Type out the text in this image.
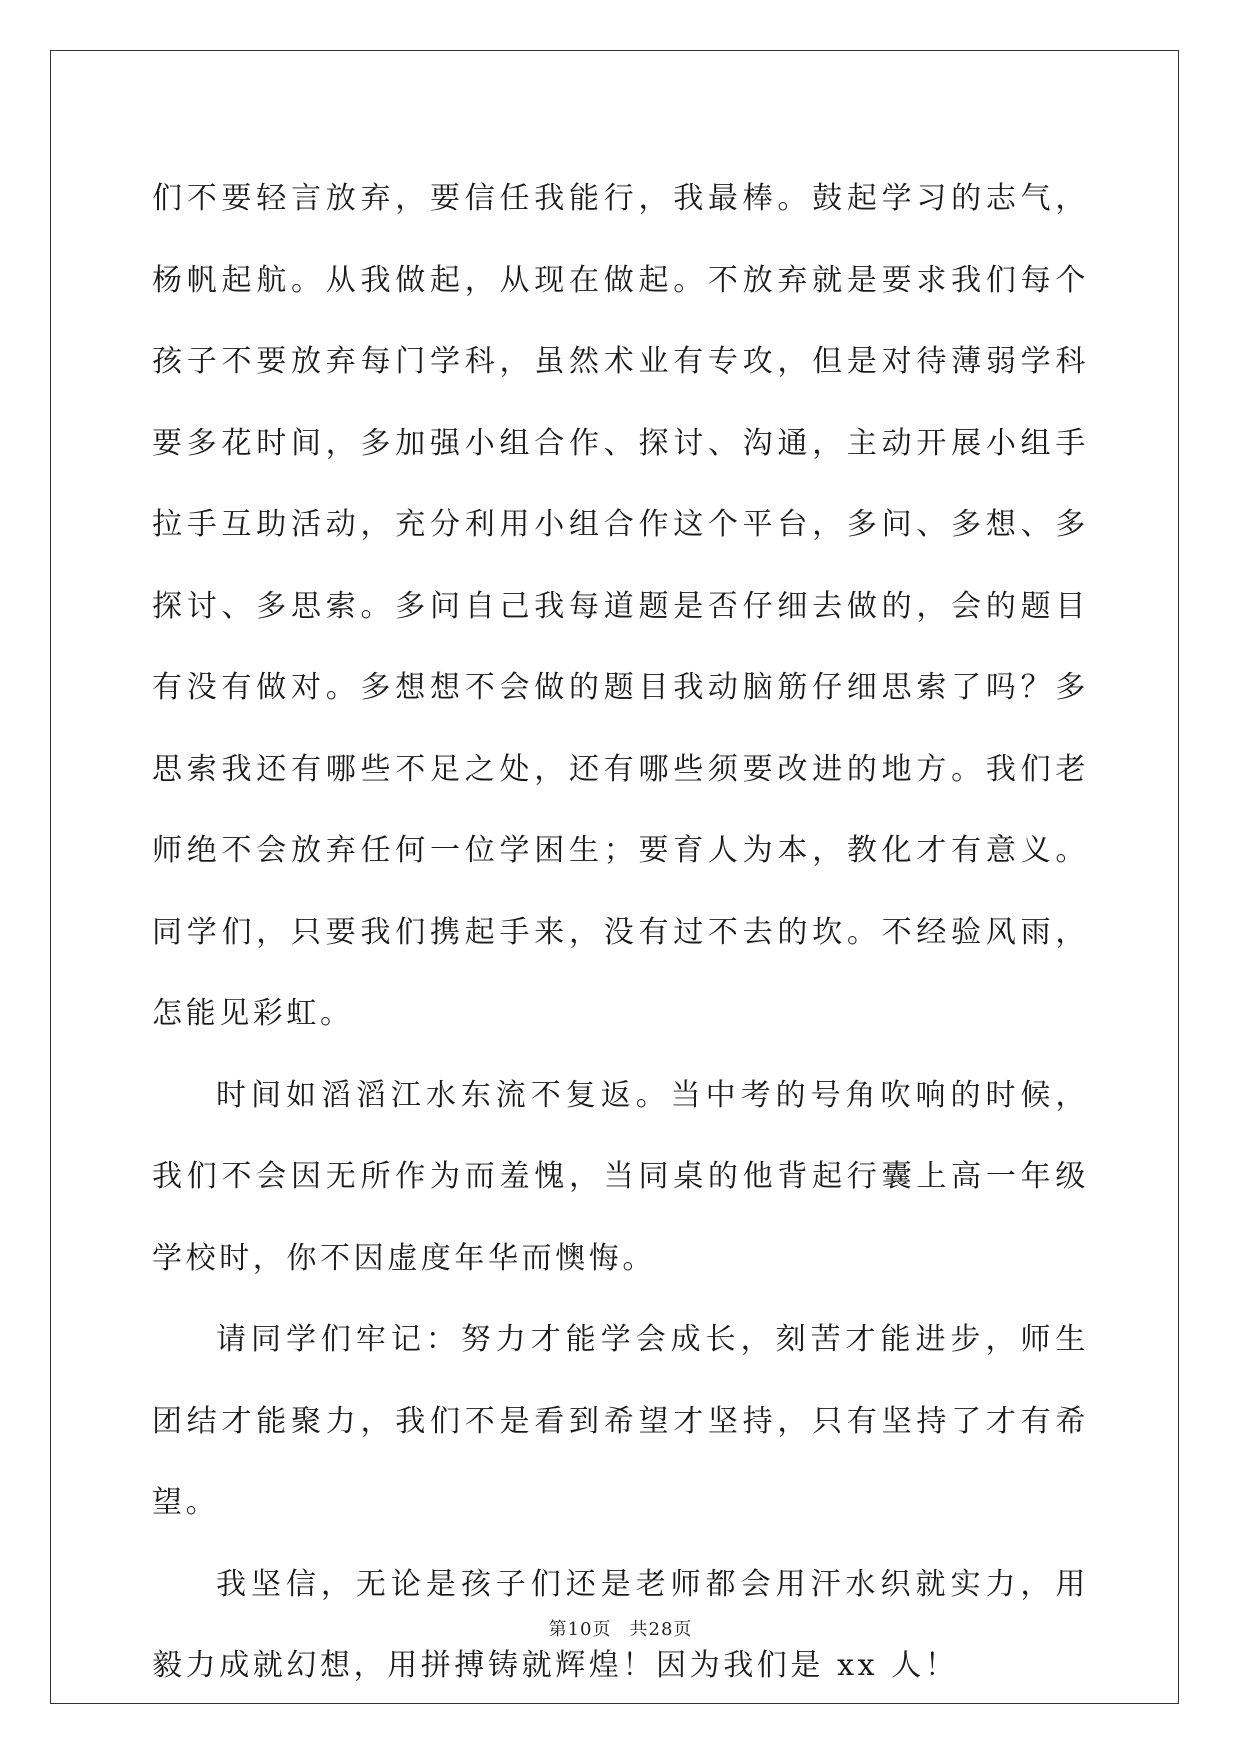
们不要轻言放弃，要信任我能行，我最棒。鼓起学习的志气，杨帆起航。从我做起，从现在做起。不放弃就是要求我们每个孩子不要放弃每门学科，虽然术业有专攻，但是对待薄弱学科要多花时间，多加强小组合作、探讨、沟通，主动开展小组手拉手互助活动，充分利用小组合作这个平台，多问、多想、多探讨、多思索。多问自己我每道题是否仔细去做的，会的题目有没有做对。多想想不会做的题目我动脑筋仔细思索了吗？多思索我还有哪些不足之处，还有哪些须要改进的地方。我们老师绝不会放弃任何一位学困生；要育人为本，教化才有意义。同学们，只要我们携起手来，没有过不去的坎。不经验风雨，怎能见彩虹。

时间如滔滔江水东流不复返。当中考的号角吹响的时候，我们不会因无所作为而羞愧，当同桌的他背起行囊上高一年级学校时，你不因虚度年华而懊悔。

请同学们牢记：努力才能学会成长，刻苦才能进步，师生团结才能聚力，我们不是看到希望才坚持，只有坚持了才有希望。

我坚信，无论是孩子们还是老师都会用汗水织就实力，用毅力成就幻想，用拼搏铸就辉煌！因为我们是 xx 人！

第10页 共28页
